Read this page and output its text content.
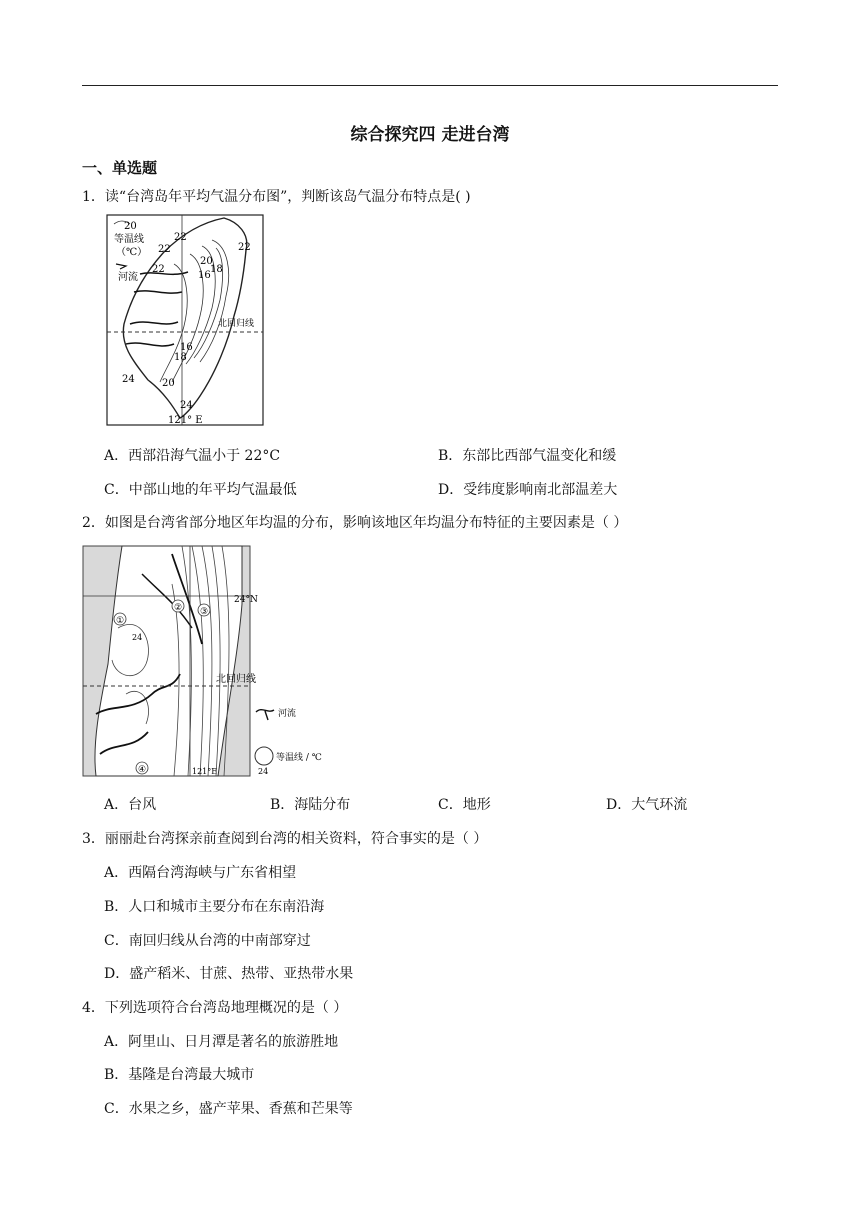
综合探究四 走进台湾
一、单选题
1．读“台湾岛年平均气温分布图”，判断该岛气温分布特点是( )
20
等温线
（℃）
河流
22
22
22
22
20
16
18
北回归线
18
16
24	20
24
121° E
A．西部沿海气温小于 22°C	B．东部比西部气温变化和缓
C．中部山地的年平均气温最低	D．受纬度影响南北部温差大
2．如图是台湾省部分地区年均温的分布，影响该地区年均温分布特征的主要因素是（ ）
24°N
①
② ③
④
24
北回归线
河流
等温线 / ℃
121°E	24
A．台风	B．海陆分布	C．地形	D．大气环流
3．丽丽赴台湾探亲前查阅到台湾的相关资料，符合事实的是（ ）
A．西隔台湾海峡与广东省相望
B．人口和城市主要分布在东南沿海
C．南回归线从台湾的中南部穿过
D．盛产稻米、甘蔗、热带、亚热带水果
4．下列选项符合台湾岛地理概况的是（ ）
A．阿里山、日月潭是著名的旅游胜地
B．基隆是台湾最大城市
C．水果之乡，盛产苹果、香蕉和芒果等
